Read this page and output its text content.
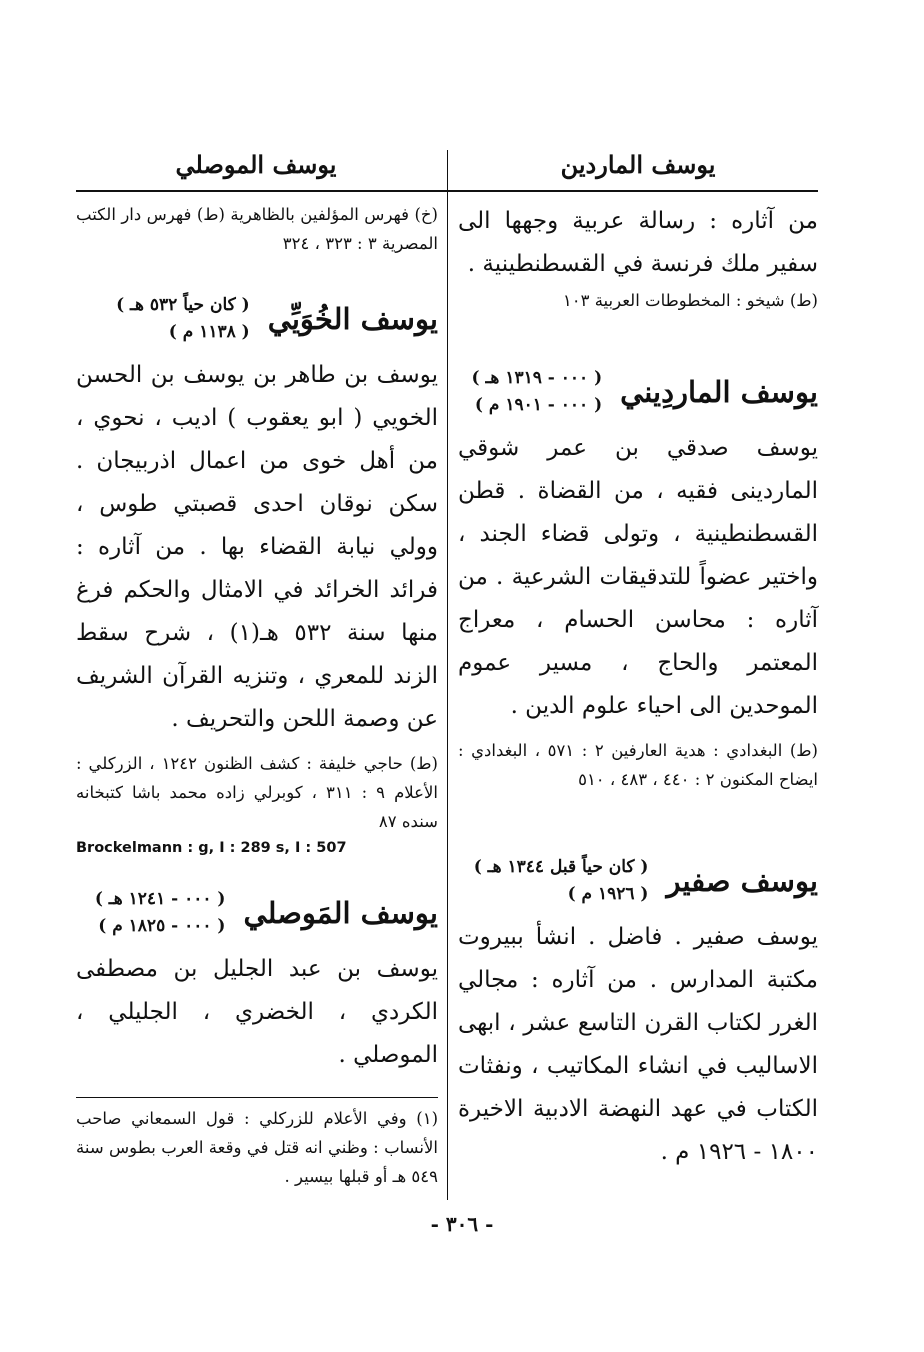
يوسف الماردين
يوسف الموصلي

من آثاره : رسالة عربية وجهها الى سفير ملك فرنسة في القسطنطينية .

(ط) شيخو : المخطوطات العربية ١٠٣

يوسف الماردِيني
( ٠٠٠ - ١٣١٩ هـ )
( ٠٠٠ - ١٩٠١ م )

يوسف صدقي بن عمر شوقي الماردينى فقيه ، من القضاة . قطن القسطنطينية ، وتولى قضاء الجند ، واختير عضواً للتدقيقات الشرعية . من آثاره : محاسن الحسام ، معراج المعتمر والحاج ، مسير عموم الموحدين الى احياء علوم الدين .

(ط) البغدادي : هدية العارفين ٢ : ٥٧١ ، البغدادي : ايضاح المكنون ٢ : ٤٤٠ ، ٤٨٣ ، ٥١٠

يوسف صفير
( كان حياً قبل ١٣٤٤ هـ )
( ١٩٢٦ م )

يوسف صفير . فاضل . انشأ ببيروت مكتبة المدارس . من آثاره : مجالي الغرر لكتاب القرن التاسع عشر ، ابهى الاساليب في انشاء المكاتيب ، ونفثات الكتاب في عهد النهضة الادبية الاخيرة ١٨٠٠ - ١٩٢٦ م .

(خ) فهرس المؤلفين بالظاهرية (ط) فهرس دار الكتب المصرية ٣ : ٣٢٣ ، ٣٢٤

يوسف الخُوَيِّي
( كان حياً ٥٣٢ هـ )
( ١١٣٨ م )

يوسف بن طاهر بن يوسف بن الحسن الخويي ( ابو يعقوب ) اديب ، نحوي ، من أهل خوى من اعمال اذربيجان . سكن نوقان احدى قصبتي طوس ، وولي نيابة القضاء بها . من آثاره : فرائد الخرائد في الامثال والحكم فرغ منها سنة ٥٣٢ هـ(١) ، شرح سقط الزند للمعري ، وتنزيه القرآن الشريف عن وصمة اللحن والتحريف .

(ط) حاجي خليفة : كشف الظنون ١٢٤٢ ، الزركلي : الأعلام ٩ : ٣١١ ، كوبرلي زاده محمد باشا كتبخانه سنده ٨٧

Brockelmann : g, I : 289 s, I : 507

يوسف المَوصلي
( ٠٠٠ - ١٢٤١ هـ )
( ٠٠٠ - ١٨٢٥ م )

يوسف بن عبد الجليل بن مصطفى الكردي ، الخضري ، الجليلي ، الموصلي .

(١) وفي الأعلام للزركلي : قول السمعاني صاحب الأنساب : وظني انه قتل في وقعة العرب بطوس سنة ٥٤٩ هـ أو قبلها بيسير .
- ٣٠٦ -
